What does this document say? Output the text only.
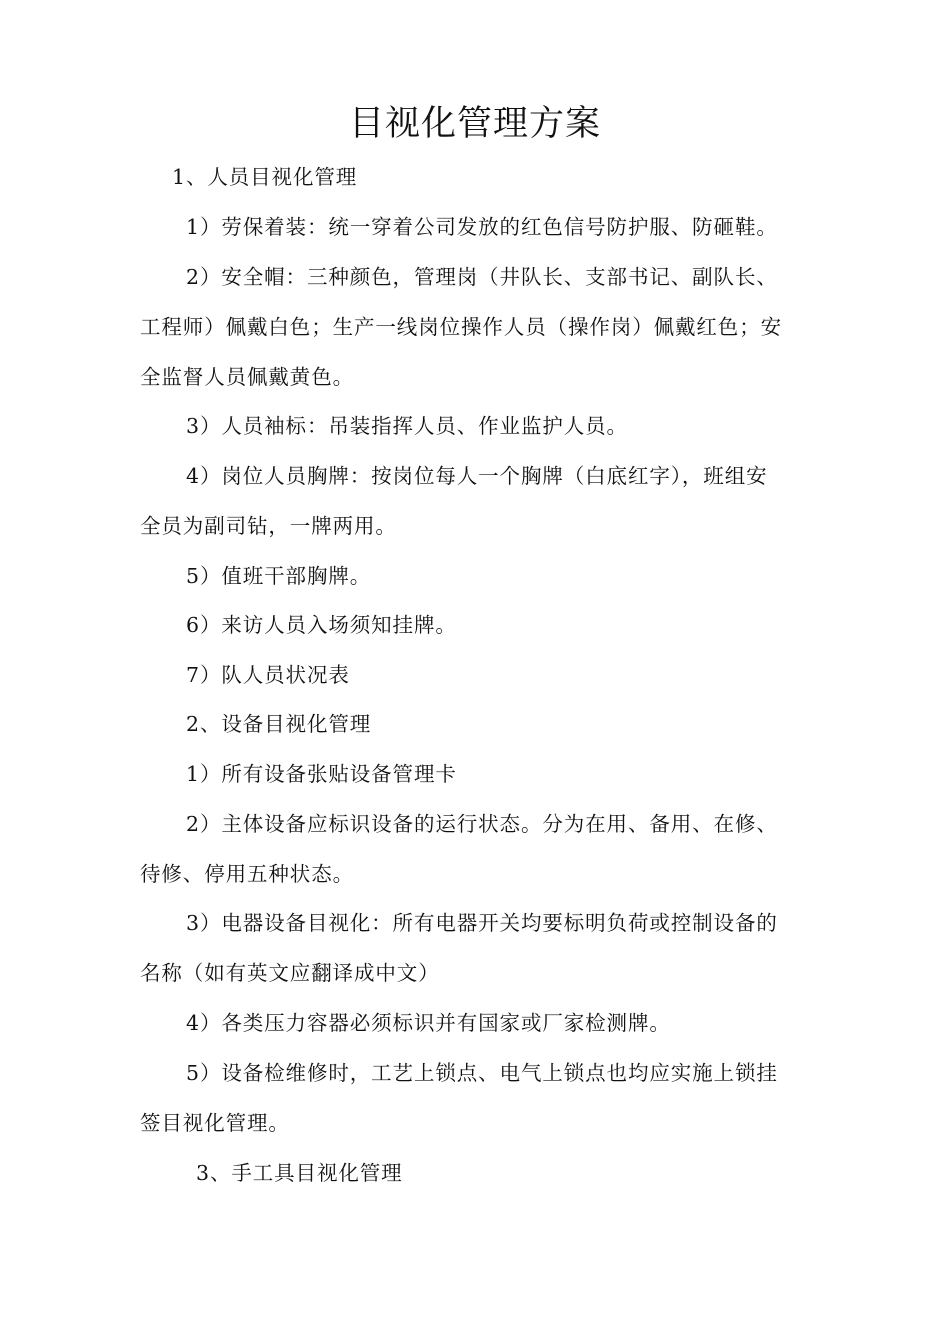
目视化管理方案
1、人员目视化管理
1）劳保着装：统一穿着公司发放的红色信号防护服、防砸鞋。
2）安全帽：三种颜色，管理岗（井队长、支部书记、副队长、
工程师）佩戴白色；生产一线岗位操作人员（操作岗）佩戴红色；安
全监督人员佩戴黄色。
3）人员袖标：吊装指挥人员、作业监护人员。
4）岗位人员胸牌：按岗位每人一个胸牌（白底红字），班组安
全员为副司钻，一牌两用。
5）值班干部胸牌。
6）来访人员入场须知挂牌。
7）队人员状况表
2、设备目视化管理
1）所有设备张贴设备管理卡
2）主体设备应标识设备的运行状态。分为在用、备用、在修、
待修、停用五种状态。
3）电器设备目视化：所有电器开关均要标明负荷或控制设备的
名称（如有英文应翻译成中文）
4）各类压力容器必须标识并有国家或厂家检测牌。
5）设备检维修时，工艺上锁点、电气上锁点也均应实施上锁挂
签目视化管理。
3、手工具目视化管理
